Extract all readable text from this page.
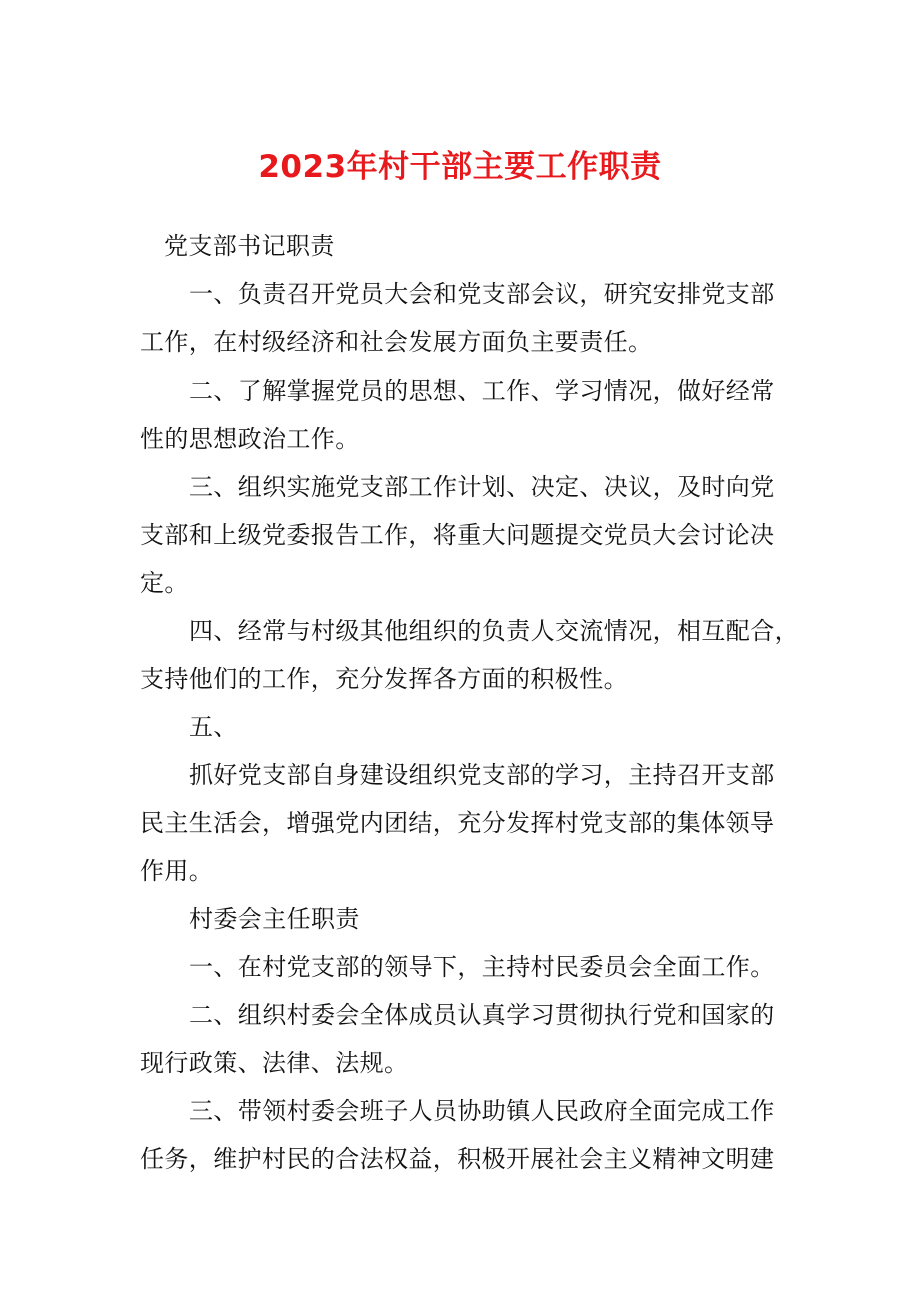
2023年村干部主要工作职责
党支部书记职责
一、负责召开党员大会和党支部会议，研究安排党支部
工作，在村级经济和社会发展方面负主要责任。
二、了解掌握党员的思想、工作、学习情况，做好经常
性的思想政治工作。
三、组织实施党支部工作计划、决定、决议，及时向党
支部和上级党委报告工作，将重大问题提交党员大会讨论决
定。
四、经常与村级其他组织的负责人交流情况，相互配合，
支持他们的工作，充分发挥各方面的积极性。
五、
抓好党支部自身建设组织党支部的学习，主持召开支部
民主生活会，增强党内团结，充分发挥村党支部的集体领导
作用。
村委会主任职责
一、在村党支部的领导下，主持村民委员会全面工作。
二、组织村委会全体成员认真学习贯彻执行党和国家的
现行政策、法律、法规。
三、带领村委会班子人员协助镇人民政府全面完成工作
任务，维护村民的合法权益，积极开展社会主义精神文明建
